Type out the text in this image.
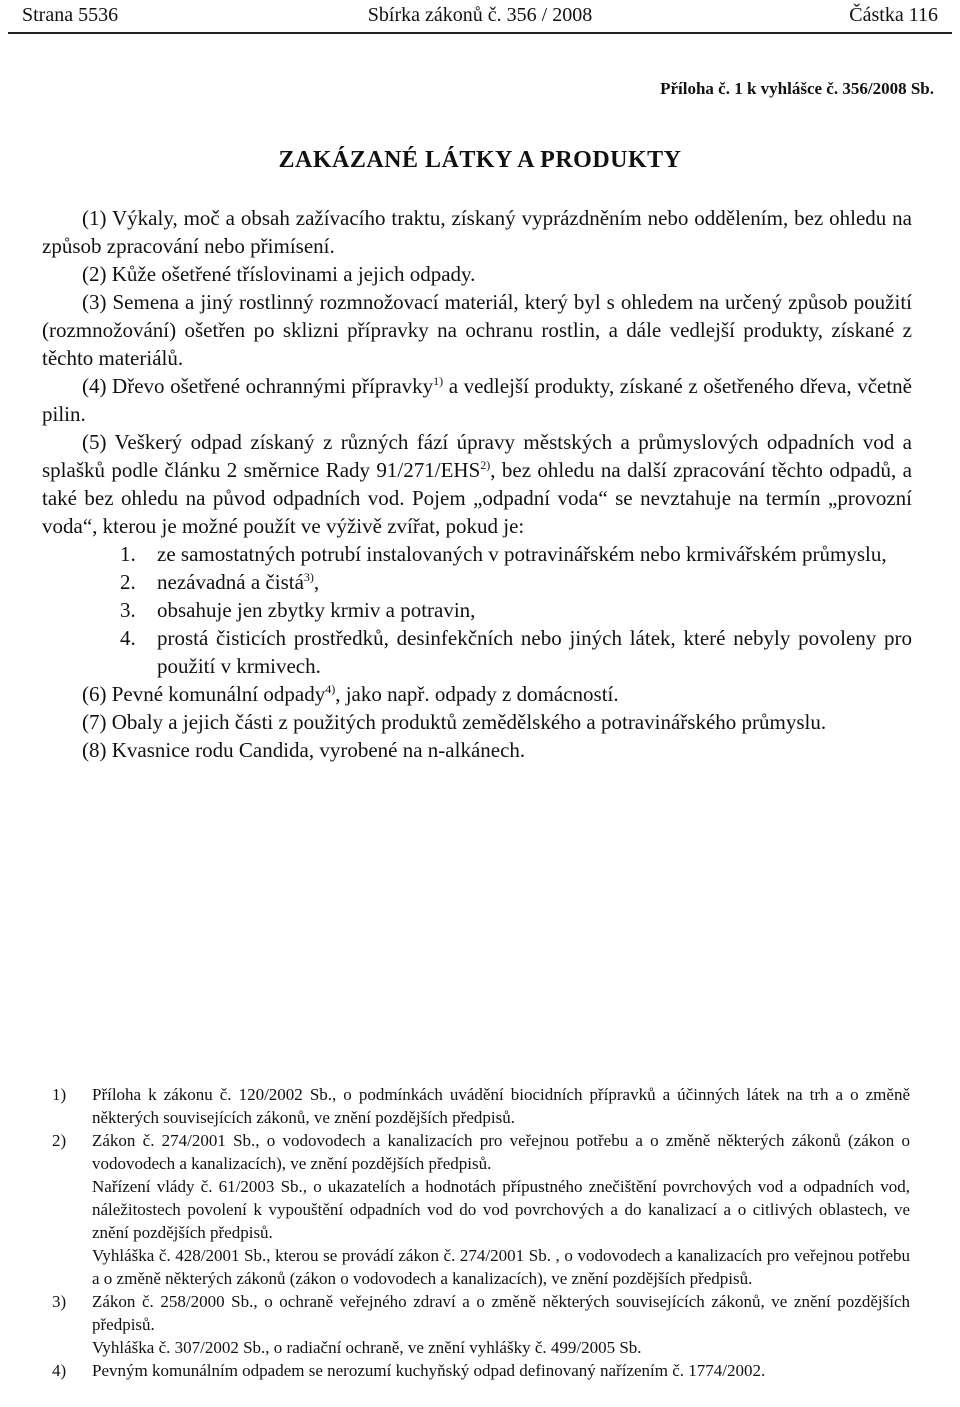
Strana 5536	Sbírka zákonů č. 356 / 2008	Částka 116
Příloha č. 1 k vyhlášce č. 356/2008 Sb.
ZAKÁZANÉ LÁTKY A PRODUKTY

(1) Výkaly, moč a obsah zažívacího traktu, získaný vyprázdněním nebo oddělením, bez ohledu na způsob zpracování nebo přimísení.

(2) Kůže ošetřené tříslovinami a jejich odpady.

(3) Semena a jiný rostlinný rozmnožovací materiál, který byl s ohledem na určený způsob použití (rozmnožování) ošetřen po sklizni přípravky na ochranu rostlin, a dále vedlejší produkty, získané z těchto materiálů.

(4) Dřevo ošetřené ochrannými přípravky$^{1)}$ a vedlejší produkty, získané z ošetřeného dřeva, včetně pilin.

(5) Veškerý odpad získaný z různých fází úpravy městských a průmyslových odpadních vod a splašků podle článku 2 směrnice Rady 91/271/EHS$^{2)}$, bez ohledu na další zpracování těchto odpadů, a také bez ohledu na původ odpadních vod. Pojem „odpadní voda“ se nevztahuje na termín „provozní voda“, kterou je možné použít ve výživě zvířat, pokud je:

1. ze samostatných potrubí instalovaných v potravinářském nebo krmivářském průmyslu,
2. nezávadná a čistá$^{3)}$,
3. obsahuje jen zbytky krmiv a potravin,
4. prostá čisticích prostředků, desinfekčních nebo jiných látek, které nebyly povoleny pro použití v krmivech.

(6) Pevné komunální odpady$^{4)}$, jako např. odpady z domácností.

(7) Obaly a jejich části z použitých produktů zemědělského a potravinářského průmyslu.

(8) Kvasnice rodu Candida, vyrobené na n-alkánech.

1) Příloha k zákonu č. 120/2002 Sb., o podmínkách uvádění biocidních přípravků a účinných látek na trh a o změně některých souvisejících zákonů, ve znění pozdějších předpisů.

2) Zákon č. 274/2001 Sb., o vodovodech a kanalizacích pro veřejnou potřebu a o změně některých zákonů (zákon o vodovodech a kanalizacích), ve znění pozdějších předpisů.

Nařízení vlády č. 61/2003 Sb., o ukazatelích a hodnotách přípustného znečištění povrchových vod a odpadních vod, náležitostech povolení k vypouštění odpadních vod do vod povrchových a do kanalizací a o citlivých oblastech, ve znění pozdějších předpisů.

Vyhláška č. 428/2001 Sb., kterou se provádí zákon č. 274/2001 Sb. , o vodovodech a kanalizacích pro veřejnou potřebu a o změně některých zákonů (zákon o vodovodech a kanalizacích), ve znění pozdějších předpisů.

3) Zákon č. 258/2000 Sb., o ochraně veřejného zdraví a o změně některých souvisejících zákonů, ve znění pozdějších předpisů.

Vyhláška č. 307/2002 Sb., o radiační ochraně, ve znění vyhlášky č. 499/2005 Sb.

4) Pevným komunálním odpadem se nerozumí kuchyňský odpad definovaný nařízením č. 1774/2002.
